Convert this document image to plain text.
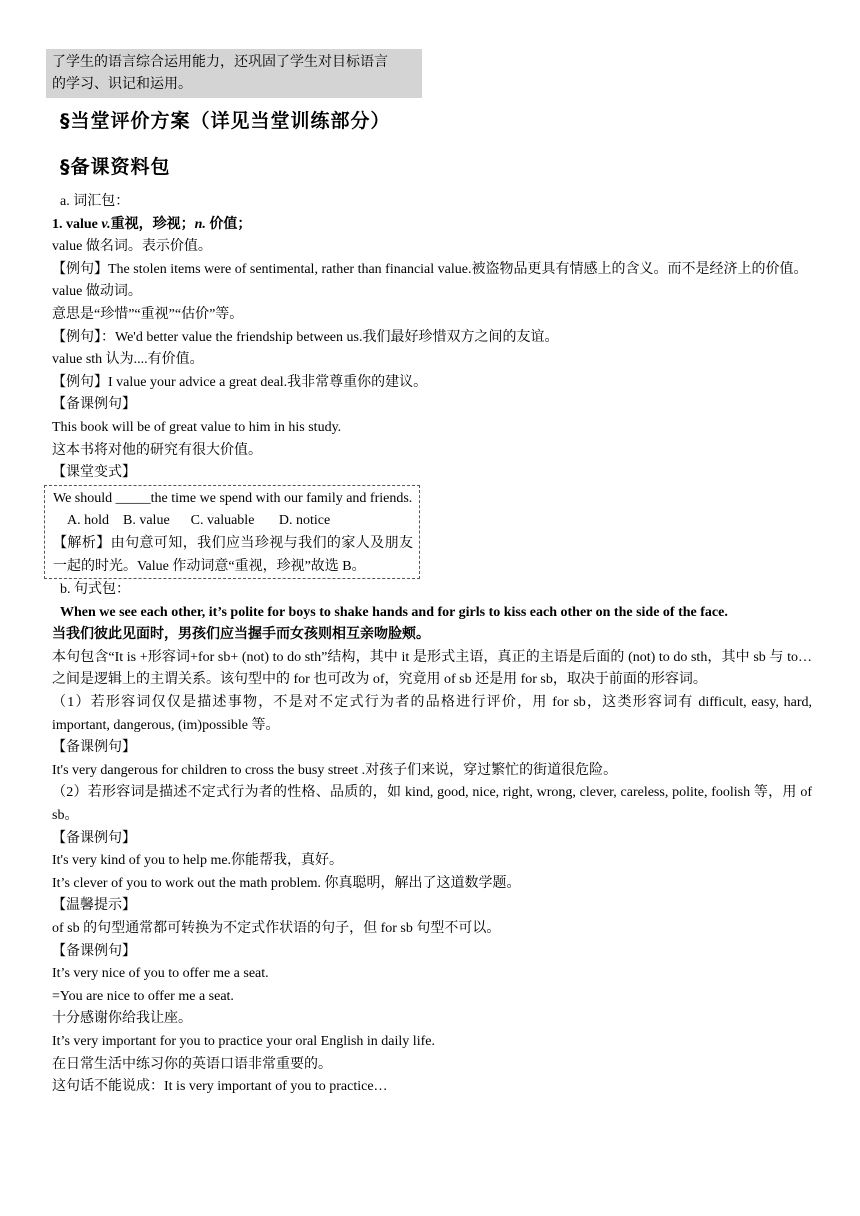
了学生的语言综合运用能力，还巩固了学生对目标语言
的学习、识记和运用。
§当堂评价方案（详见当堂训练部分）
§备课资料包

a. 词汇包：

1. value v.重视，珍视；n. 价值；

value 做名词。表示价值。

【例句】The stolen items were of sentimental, rather than financial value.被盗物品更具有情感上的含义。而不是经济上的价值。

value 做动词。

意思是“珍惜”“重视”“估价”等。

【例句】：We'd better value the friendship between us.我们最好珍惜双方之间的友谊。

value sth 认为....有价值。

【例句】I value your advice a great deal.我非常尊重你的建议。

【备课例句】

This book will be of great value to him in his study.

这本书将对他的研究有很大价值。

【课堂变式】

We should _____the time we spend with our family and friends.

A. hold    B. value      C. valuable       D. notice

【解析】由句意可知，我们应当珍视与我们的家人及朋友一起的时光。Value 作动词意“重视，珍视”故选 B。

b. 句式包：

When we see each other, it’s polite for boys to shake hands and for girls to kiss each other on the side of the face.

当我们彼此见面时，男孩们应当握手而女孩则相互亲吻脸颊。

本句包含“It is +形容词+for sb+ (not) to do sth”结构，其中 it 是形式主语，真正的主语是后面的 (not) to do sth，其中 sb 与 to…之间是逻辑上的主谓关系。该句型中的 for 也可改为 of，究竟用 of sb 还是用 for sb，取决于前面的形容词。

（1）若形容词仅仅是描述事物，不是对不定式行为者的品格进行评价，用 for sb，这类形容词有 difficult, easy, hard, important, dangerous, (im)possible 等。

【备课例句】

It's very dangerous for children to cross the busy street .对孩子们来说，穿过繁忙的街道很危险。

（2）若形容词是描述不定式行为者的性格、品质的，如 kind, good, nice, right, wrong, clever, careless, polite, foolish 等，用 of sb。

【备课例句】

It's very kind of you to help me.你能帮我，真好。

It’s clever of you to work out the math problem. 你真聪明，解出了这道数学题。

【温馨提示】

of sb 的句型通常都可转换为不定式作状语的句子，但 for sb 句型不可以。

【备课例句】

It’s very nice of you to offer me a seat.

=You are nice to offer me a seat.

十分感谢你给我让座。

It’s very important for you to practice your oral English in daily life.

在日常生活中练习你的英语口语非常重要的。

这句话不能说成：It is very important of you to practice…
